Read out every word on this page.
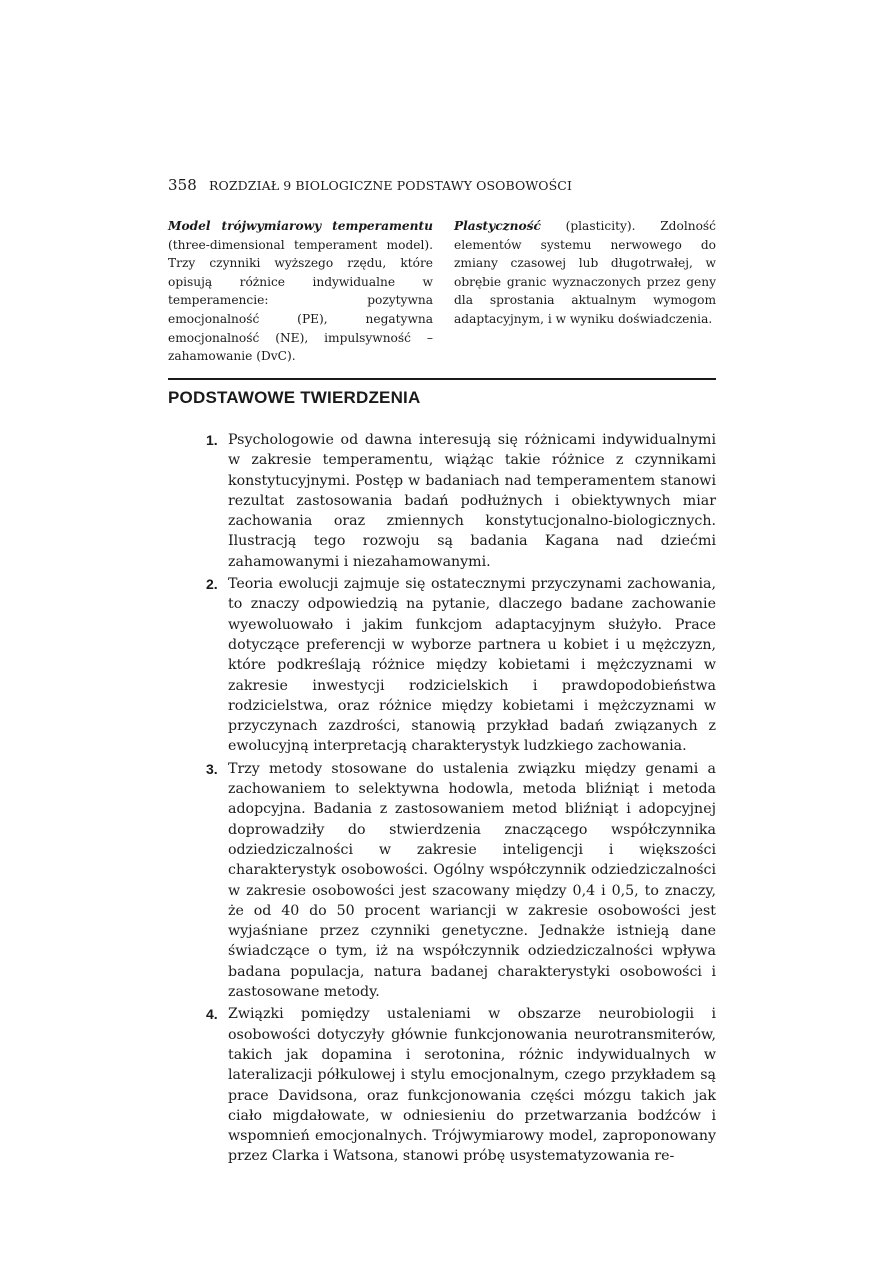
358 ROZDZIAŁ 9 BIOLOGICZNE PODSTAWY OSOBOWOŚCI
Model trójwymiarowy temperamentu (three-dimensional temperament model). Trzy czynniki wyższego rzędu, które opisują różnice indywidualne w temperamencie: pozytywna emocjonalność (PE), negatywna emocjonalność (NE), impulsywność – zahamowanie (DvC).
Plastyczność (plasticity). Zdolność elementów systemu nerwowego do zmiany czasowej lub długotrwałej, w obrębie granic wyznaczonych przez geny dla sprostania aktualnym wymogom adaptacyjnym, i w wyniku doświadczenia.
PODSTAWOWE TWIERDZENIA
1. Psychologowie od dawna interesują się różnicami indywidualnymi w zakresie temperamentu, wiążąc takie różnice z czynnikami konstytucyjnymi. Postęp w badaniach nad temperamentem stanowi rezultat zastosowania badań podłużnych i obiektywnych miar zachowania oraz zmiennych konstytucjonalno-biologicznych. Ilustracją tego rozwoju są badania Kagana nad dziećmi zahamowanymi i niezahamowanymi.
2. Teoria ewolucji zajmuje się ostatecznymi przyczynami zachowania, to znaczy odpowiedzią na pytanie, dlaczego badane zachowanie wyewoluowało i jakim funkcjom adaptacyjnym służyło. Prace dotyczące preferencji w wyborze partnera u kobiet i u mężczyzn, które podkreślają różnice między kobietami i mężczyznami w zakresie inwestycji rodzicielskich i prawdopodobieństwa rodzicielstwa, oraz różnice między kobietami i mężczyznami w przyczynach zazdrości, stanowią przykład badań związanych z ewolucyjną interpretacją charakterystyk ludzkiego zachowania.
3. Trzy metody stosowane do ustalenia związku między genami a zachowaniem to selektywna hodowla, metoda bliźniąt i metoda adopcyjna. Badania z zastosowaniem metod bliźniąt i adopcyjnej doprowadziły do stwierdzenia znaczącego współczynnika odziedziczalności w zakresie inteligencji i większości charakterystyk osobowości. Ogólny współczynnik odziedziczalności w zakresie osobowości jest szacowany między 0,4 i 0,5, to znaczy, że od 40 do 50 procent wariancji w zakresie osobowości jest wyjaśniane przez czynniki genetyczne. Jednakże istnieją dane świadczące o tym, iż na współczynnik odziedziczalności wpływa badana populacja, natura badanej charakterystyki osobowości i zastosowane metody.
4. Związki pomiędzy ustaleniami w obszarze neurobiologii i osobowości dotyczyły głównie funkcjonowania neurotransmiterów, takich jak dopamina i serotonina, różnic indywidualnych w lateralizacji półkulowej i stylu emocjonalnym, czego przykładem są prace Davidsona, oraz funkcjonowania części mózgu takich jak ciało migdałowate, w odniesieniu do przetwarzania bodźców i wspomnień emocjonalnych. Trójwymiarowy model, zaproponowany przez Clarka i Watsona, stanowi próbę usystematyzowania re-
